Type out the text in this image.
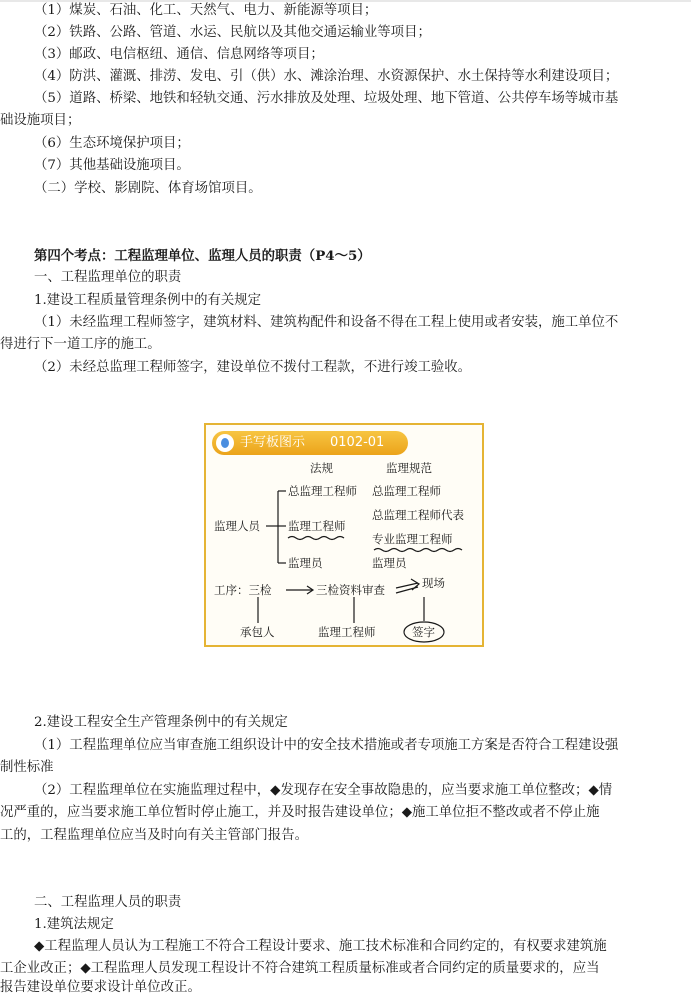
（1）煤炭、石油、化工、天然气、电力、新能源等项目；
（2）铁路、公路、管道、水运、民航以及其他交通运输业等项目；
（3）邮政、电信枢纽、通信、信息网络等项目；
（4）防洪、灌溉、排涝、发电、引（供）水、滩涂治理、水资源保护、水土保持等水利建设项目；
（5）道路、桥梁、地铁和轻轨交通、污水排放及处理、垃圾处理、地下管道、公共停车场等城市基
础设施项目；
（6）生态环境保护项目；
（7）其他基础设施项目。
（二）学校、影剧院、体育场馆项目。
第四个考点：工程监理单位、监理人员的职责（P4～5）
一、工程监理单位的职责
1.建设工程质量管理条例中的有关规定
（1）未经监理工程师签字，建筑材料、建筑构配件和设备不得在工程上使用或者安装，施工单位不
得进行下一道工序的施工。
（2）未经总监理工程师签字，建设单位不拨付工程款，不进行竣工验收。
手写板图示 0102-01
法规	监理规范
监理人员
总监理工程师
监理工程师
监理员
总监理工程师
总监理工程师代表
专业监理工程师
监理员
工序：三检	三检资料审查	现场
承包人	监理工程师	签字
2.建设工程安全生产管理条例中的有关规定
（1）工程监理单位应当审查施工组织设计中的安全技术措施或者专项施工方案是否符合工程建设强
制性标准
（2）工程监理单位在实施监理过程中，◆发现存在安全事故隐患的，应当要求施工单位整改；◆情
况严重的，应当要求施工单位暂时停止施工，并及时报告建设单位；◆施工单位拒不整改或者不停止施
工的，工程监理单位应当及时向有关主管部门报告。
二、工程监理人员的职责
1.建筑法规定
◆工程监理人员认为工程施工不符合工程设计要求、施工技术标准和合同约定的，有权要求建筑施
工企业改正；◆工程监理人员发现工程设计不符合建筑工程质量标准或者合同约定的质量要求的，应当
报告建设单位要求设计单位改正。
